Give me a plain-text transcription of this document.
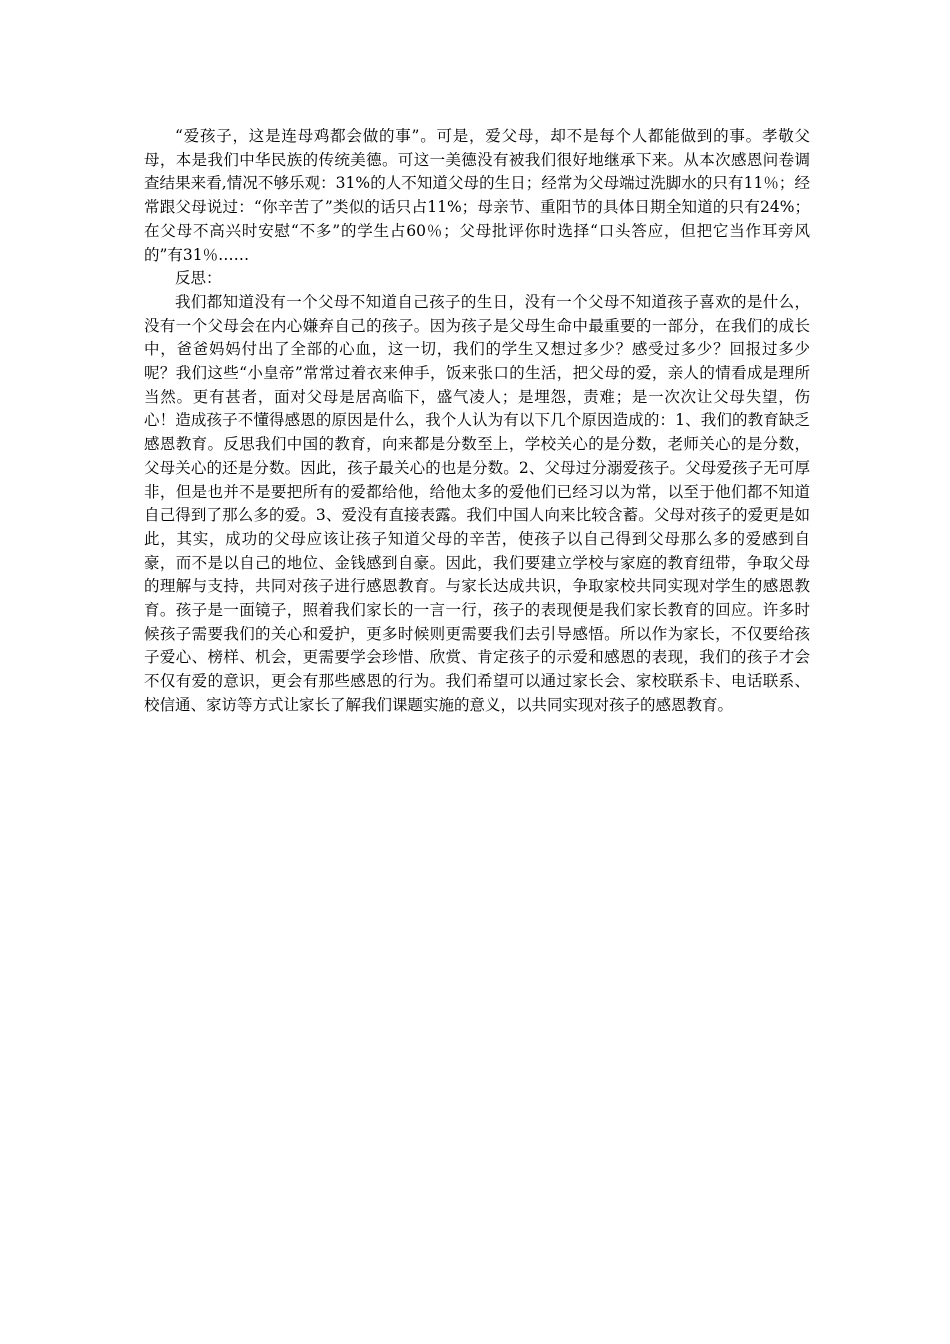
“爱孩子，这是连母鸡都会做的事”。可是，爱父母，却不是每个人都能做到的事。孝敬父母，本是我们中华民族的传统美德。可这一美德没有被我们很好地继承下来。从本次感恩问卷调查结果来看,情况不够乐观：31%的人不知道父母的生日；经常为父母端过洗脚水的只有11％；经常跟父母说过：“你辛苦了”类似的话只占11%；母亲节、重阳节的具体日期全知道的只有24%；在父母不高兴时安慰“不多”的学生占60％；父母批评你时选择“口头答应，但把它当作耳旁风的”有31％……

反思：

我们都知道没有一个父母不知道自己孩子的生日，没有一个父母不知道孩子喜欢的是什么，没有一个父母会在内心嫌弃自己的孩子。因为孩子是父母生命中最重要的一部分，在我们的成长中，爸爸妈妈付出了全部的心血，这一切，我们的学生又想过多少？感受过多少？回报过多少呢？我们这些“小皇帝”常常过着衣来伸手，饭来张口的生活，把父母的爱，亲人的情看成是理所当然。更有甚者，面对父母是居高临下，盛气凌人；是埋怨，责难；是一次次让父母失望，伤心！造成孩子不懂得感恩的原因是什么，我个人认为有以下几个原因造成的：1、我们的教育缺乏感恩教育。反思我们中国的教育，向来都是分数至上，学校关心的是分数，老师关心的是分数，父母关心的还是分数。因此，孩子最关心的也是分数。2、父母过分溺爱孩子。父母爱孩子无可厚非，但是也并不是要把所有的爱都给他，给他太多的爱他们已经习以为常，以至于他们都不知道自己得到了那么多的爱。3、爱没有直接表露。我们中国人向来比较含蓄。父母对孩子的爱更是如此，其实，成功的父母应该让孩子知道父母的辛苦，使孩子以自己得到父母那么多的爱感到自豪，而不是以自己的地位、金钱感到自豪。因此，我们要建立学校与家庭的教育纽带，争取父母的理解与支持，共同对孩子进行感恩教育。与家长达成共识，争取家校共同实现对学生的感恩教育。孩子是一面镜子，照着我们家长的一言一行，孩子的表现便是我们家长教育的回应。许多时候孩子需要我们的关心和爱护，更多时候则更需要我们去引导感悟。所以作为家长，不仅要给孩子爱心、榜样、机会，更需要学会珍惜、欣赏、肯定孩子的示爱和感恩的表现，我们的孩子才会不仅有爱的意识，更会有那些感恩的行为。我们希望可以通过家长会、家校联系卡、电话联系、校信通、家访等方式让家长了解我们课题实施的意义，以共同实现对孩子的感恩教育。
